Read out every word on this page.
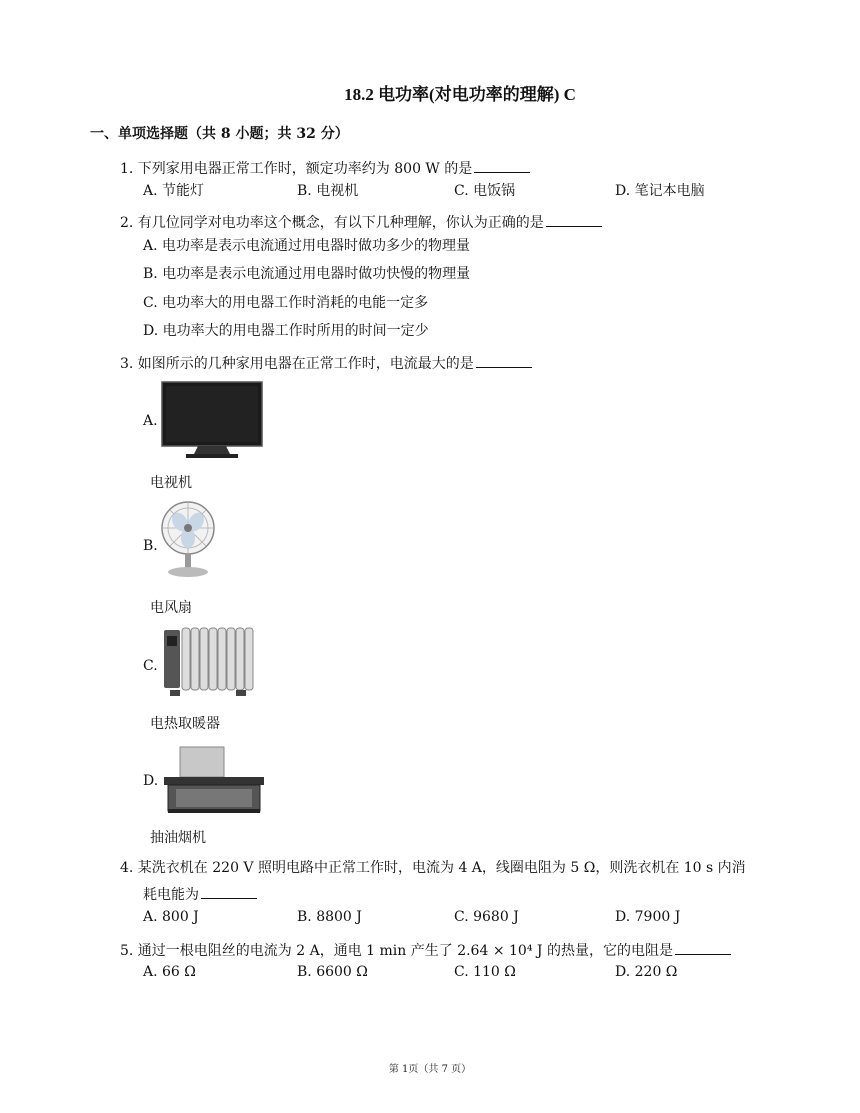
18.2 电功率(对电功率的理解) C
一、单项选择题（共 8 小题；共 32 分）
1. 下列家用电器正常工作时，额定功率约为 800 W 的是
A. 节能灯	B. 电视机	C. 电饭锅	D. 笔记本电脑
2. 有几位同学对电功率这个概念，有以下几种理解，你认为正确的是
A. 电功率是表示电流通过用电器时做功多少的物理量
B. 电功率是表示电流通过用电器时做功快慢的物理量
C. 电功率大的用电器工作时消耗的电能一定多
D. 电功率大的用电器工作时所用的时间一定少
3. 如图所示的几种家用电器在正常工作时，电流最大的是
A.
电视机
B.
电风扇
C.
电热取暖器
D.
抽油烟机
4. 某洗衣机在 220 V 照明电路中正常工作时，电流为 4 A，线圈电阻为 5 Ω，则洗衣机在 10 s 内消
耗电能为
A. 800 J	B. 8800 J	C. 9680 J	D. 7900 J
5. 通过一根电阻丝的电流为 2 A，通电 1 min 产生了 2.64 × 10⁴ J 的热量，它的电阻是
A. 66 Ω	B. 6600 Ω	C. 110 Ω	D. 220 Ω
第 1页（共 7 页）
